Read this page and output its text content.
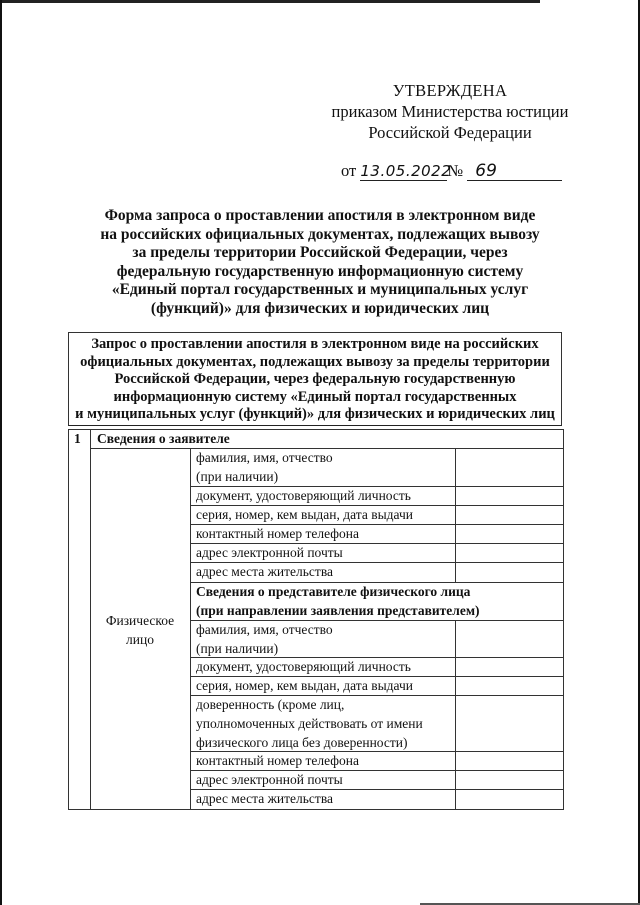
УТВЕРЖДЕНА
приказом Министерства юстиции
Российской Федерации
от 13.05.2022№ 69
Форма запроса о проставлении апостиля в электронном виде
на российских официальных документах, подлежащих вывозу
за пределы территории Российской Федерации, через
федеральную государственную информационную систему
«Единый портал государственных и муниципальных услуг
(функций)» для физических и юридических лиц
Запрос о проставлении апостиля в электронном виде на российских
официальных документах, подлежащих вывозу за пределы территории
Российской Федерации, через федеральную государственную
информационную систему «Единый портал государственных
и муниципальных услуг (функций)» для физических и юридических лиц
1 Сведения о заявителе
Физическое
лицо
фамилия, имя, отчество
(при наличии)
документ, удостоверяющий личность
серия, номер, кем выдан, дата выдачи
контактный номер телефона
адрес электронной почты
адрес места жительства
Сведения о представителе физического лица
(при направлении заявления представителем)
фамилия, имя, отчество
(при наличии)
документ, удостоверяющий личность
серия, номер, кем выдан, дата выдачи
доверенность (кроме лиц,
уполномоченных действовать от имени
физического лица без доверенности)
контактный номер телефона
адрес электронной почты
адрес места жительства
